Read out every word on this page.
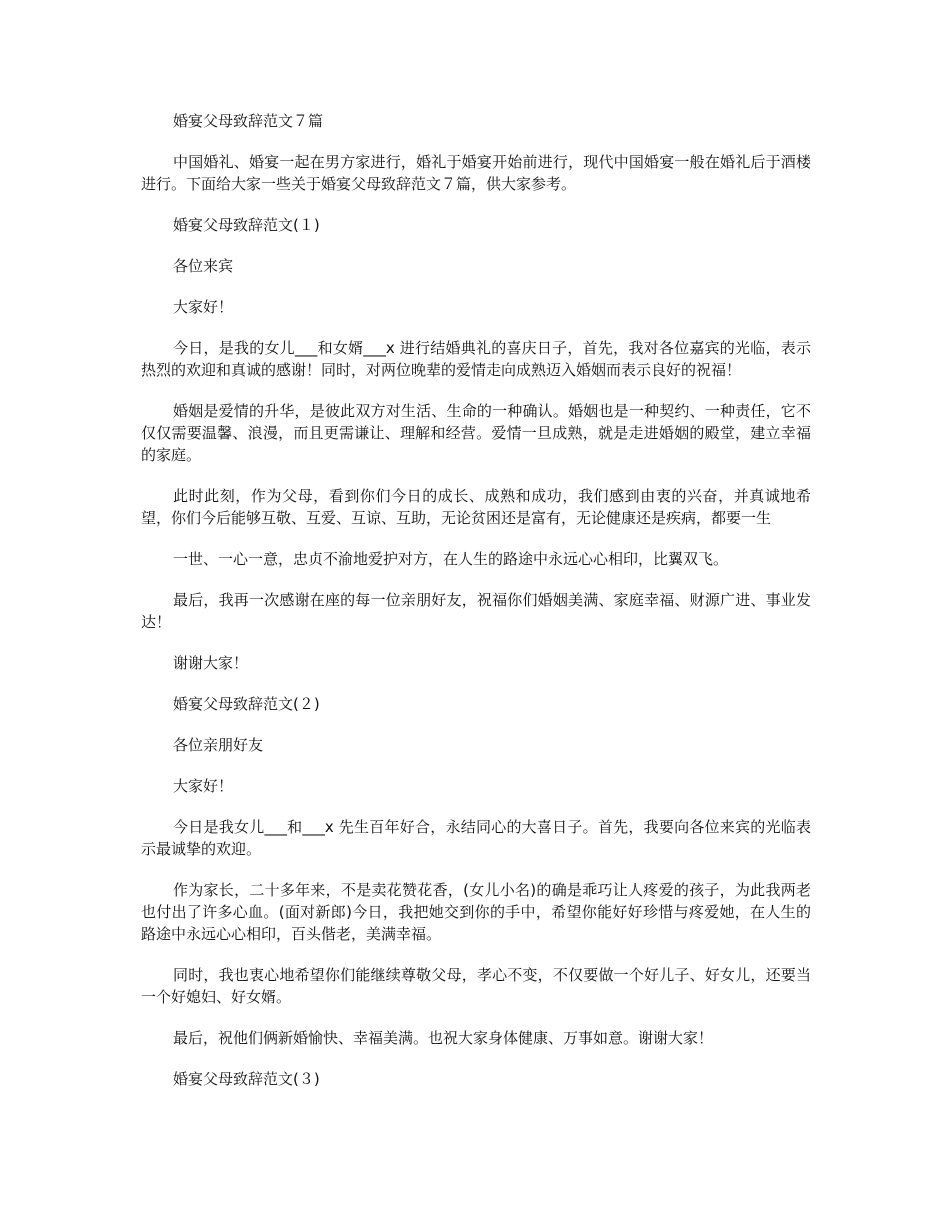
婚宴父母致辞范文７篇

中国婚礼、婚宴一起在男方家进行，婚礼于婚宴开始前进行，现代中国婚宴一般在婚礼后于酒楼进行。下面给大家一些关于婚宴父母致辞范文７篇，供大家参考。

婚宴父母致辞范文(１)

各位来宾

大家好！

今日，是我的女儿___和女婿___x 进行结婚典礼的喜庆日子，首先，我对各位嘉宾的光临，表示热烈的欢迎和真诚的感谢！同时，对两位晚辈的爱情走向成熟迈入婚姻而表示良好的祝福！

婚姻是爱情的升华，是彼此双方对生活、生命的一种确认。婚姻也是一种契约、一种责任，它不仅仅需要温馨、浪漫，而且更需谦让、理解和经营。爱情一旦成熟，就是走进婚姻的殿堂，建立幸福的家庭。

此时此刻，作为父母，看到你们今日的成长、成熟和成功，我们感到由衷的兴奋，并真诚地希望，你们今后能够互敬、互爱、互谅、互助，无论贫困还是富有，无论健康还是疾病，都要一生

一世、一心一意，忠贞不渝地爱护对方，在人生的路途中永远心心相印，比翼双飞。

最后，我再一次感谢在座的每一位亲朋好友，祝福你们婚姻美满、家庭幸福、财源广进、事业发达！

谢谢大家！

婚宴父母致辞范文(２)

各位亲朋好友

大家好！

今日是我女儿___和___x 先生百年好合，永结同心的大喜日子。首先，我要向各位来宾的光临表示最诚挚的欢迎。

作为家长，二十多年来，不是卖花赞花香，(女儿小名)的确是乖巧让人疼爱的孩子，为此我两老也付出了许多心血。(面对新郎)今日，我把她交到你的手中，希望你能好好珍惜与疼爱她，在人生的路途中永远心心相印，百头偕老，美满幸福。

同时，我也衷心地希望你们能继续尊敬父母，孝心不变，不仅要做一个好儿子、好女儿，还要当一个好媳妇、好女婿。

最后，祝他们俩新婚愉快、幸福美满。也祝大家身体健康、万事如意。谢谢大家！

婚宴父母致辞范文(３)
